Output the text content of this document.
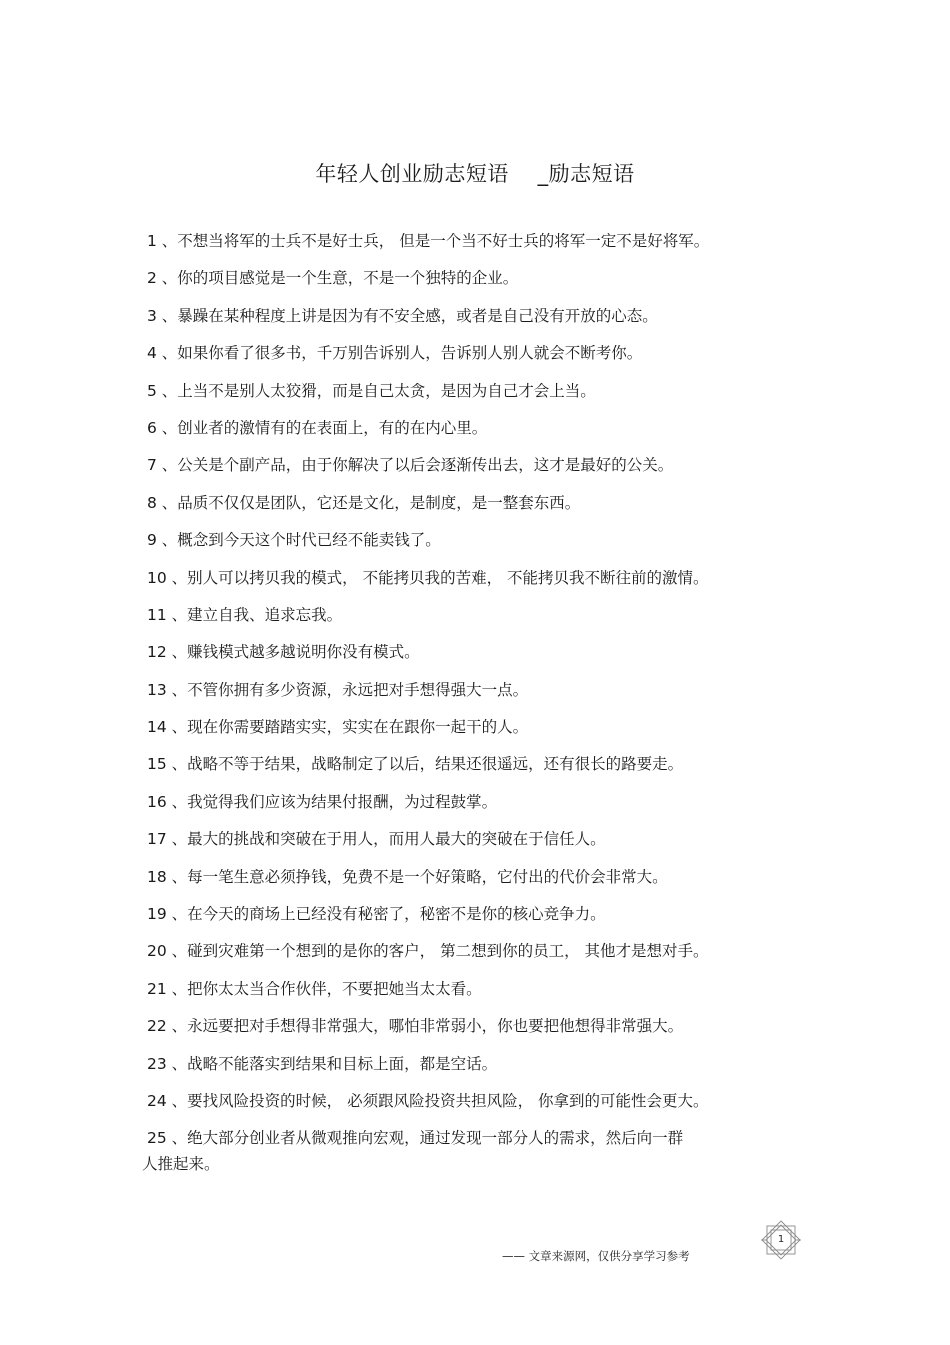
年轻人创业励志短语    _励志短语
1 、不想当将军的士兵不是好士兵， 但是一个当不好士兵的将军一定不是好将军。
2 、你的项目感觉是一个生意，不是一个独特的企业。
3 、暴躁在某种程度上讲是因为有不安全感，或者是自己没有开放的心态。
4 、如果你看了很多书，千万别告诉别人，告诉别人别人就会不断考你。
5 、上当不是别人太狡猾，而是自己太贪，是因为自己才会上当。
6 、创业者的激情有的在表面上，有的在内心里。
7 、公关是个副产品，由于你解决了以后会逐渐传出去，这才是最好的公关。
8 、品质不仅仅是团队，它还是文化，是制度，是一整套东西。
9 、概念到今天这个时代已经不能卖钱了。
10 、别人可以拷贝我的模式， 不能拷贝我的苦难， 不能拷贝我不断往前的激情。
11 、建立自我、追求忘我。
12 、赚钱模式越多越说明你没有模式。
13 、不管你拥有多少资源，永远把对手想得强大一点。
14 、现在你需要踏踏实实，实实在在跟你一起干的人。
15 、战略不等于结果，战略制定了以后，结果还很遥远，还有很长的路要走。
16 、我觉得我们应该为结果付报酬，为过程鼓掌。
17 、最大的挑战和突破在于用人，而用人最大的突破在于信任人。
18 、每一笔生意必须挣钱，免费不是一个好策略，它付出的代价会非常大。
19 、在今天的商场上已经没有秘密了，秘密不是你的核心竞争力。
20 、碰到灾难第一个想到的是你的客户， 第二想到你的员工， 其他才是想对手。
21 、把你太太当合作伙伴，不要把她当太太看。
22 、永远要把对手想得非常强大，哪怕非常弱小，你也要把他想得非常强大。
23 、战略不能落实到结果和目标上面，都是空话。
24 、要找风险投资的时候， 必须跟风险投资共担风险， 你拿到的可能性会更大。
25 、绝大部分创业者从微观推向宏观，通过发现一部分人的需求，然后向一群
人推起来。
—— 文章来源网，仅供分享学习参考
1
